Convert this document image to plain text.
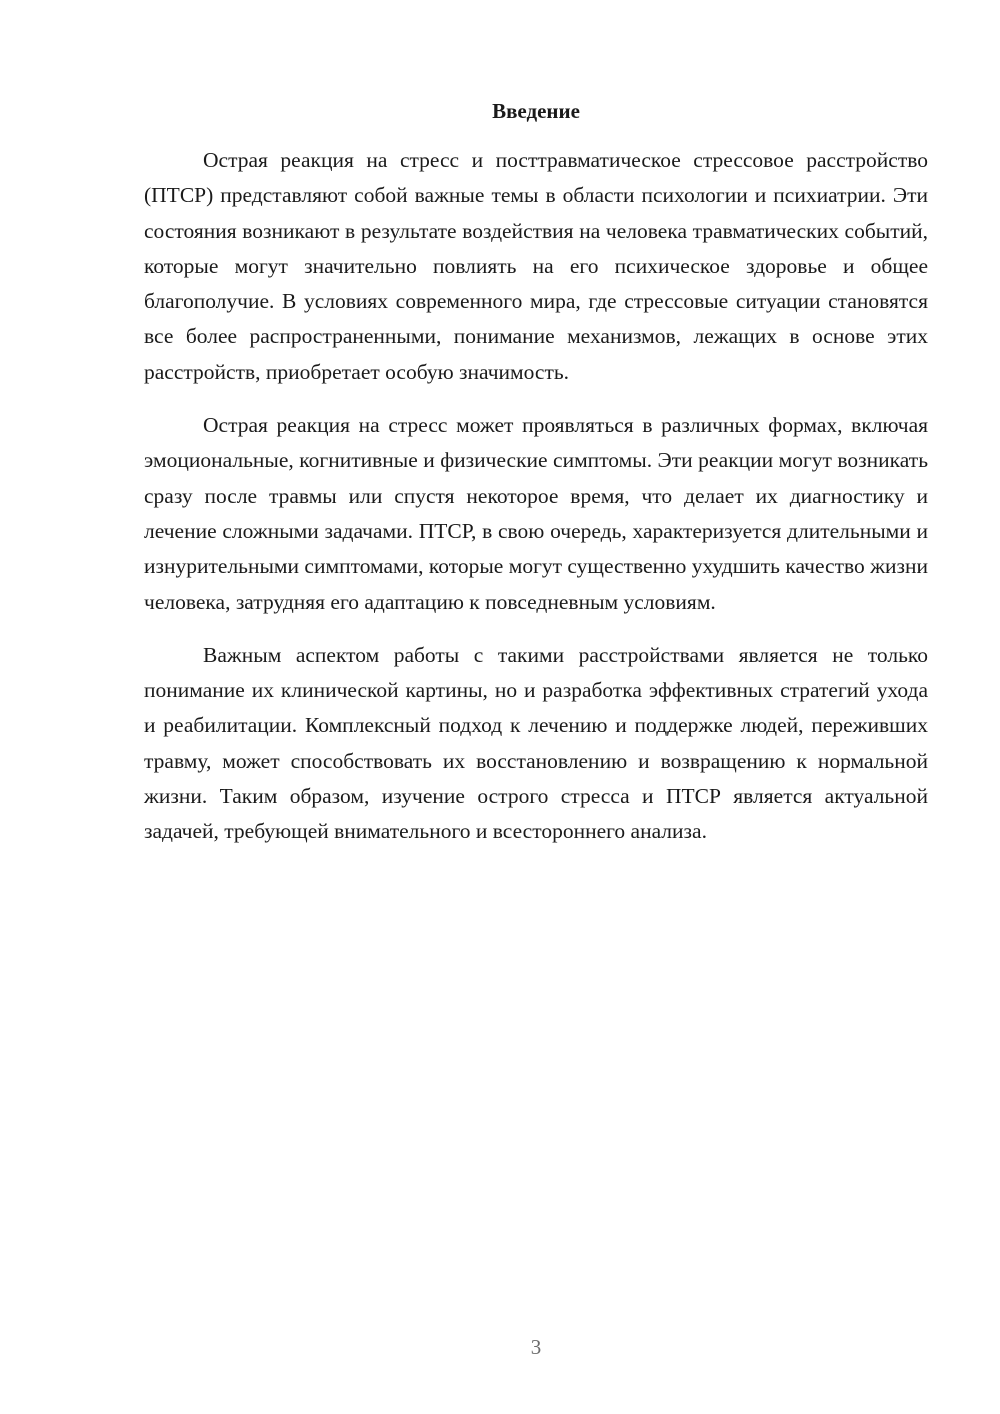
Введение

Острая реакция на стресс и посттравматическое стрессовое расстройство (ПТСР) представляют собой важные темы в области психологии и психиатрии. Эти состояния возникают в результате воздействия на человека травматических событий, которые могут значительно повлиять на его психическое здоровье и общее благополучие. В условиях современного мира, где стрессовые ситуации становятся все более распространенными, понимание механизмов, лежащих в основе этих расстройств, приобретает особую значимость.

Острая реакция на стресс может проявляться в различных формах, включая эмоциональные, когнитивные и физические симптомы. Эти реакции могут возникать сразу после травмы или спустя некоторое время, что делает их диагностику и лечение сложными задачами. ПТСР, в свою очередь, характеризуется длительными и изнурительными симптомами, которые могут существенно ухудшить качество жизни человека, затрудняя его адаптацию к повседневным условиям.

Важным аспектом работы с такими расстройствами является не только понимание их клинической картины, но и разработка эффективных стратегий ухода и реабилитации. Комплексный подход к лечению и поддержке людей, переживших травму, может способствовать их восстановлению и возвращению к нормальной жизни. Таким образом, изучение острого стресса и ПТСР является актуальной задачей, требующей внимательного и всестороннего анализа.

3
